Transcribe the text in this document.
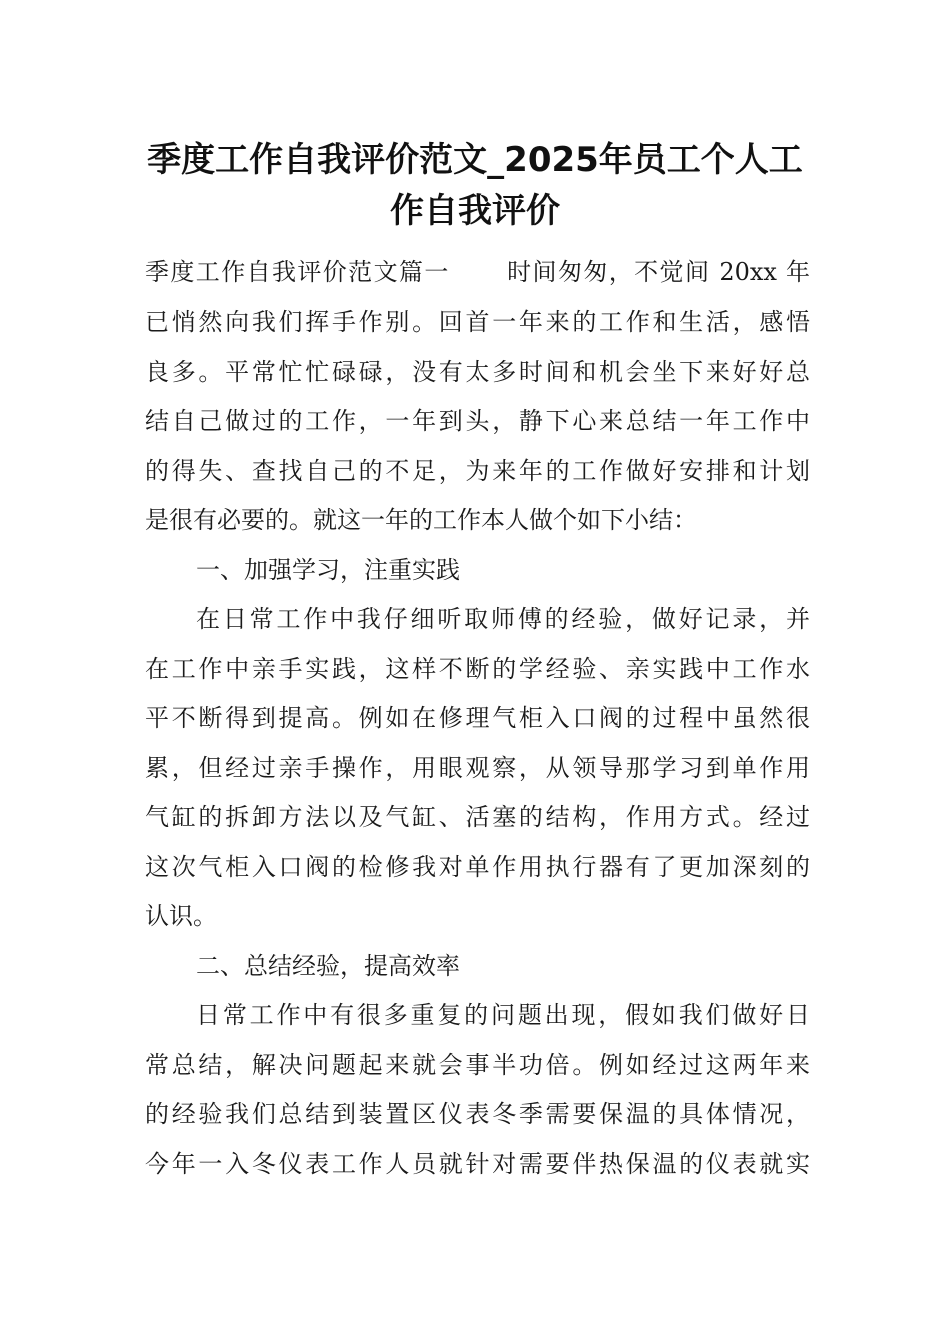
季度工作自我评价范文_2025年员工个人工
作自我评价
季度工作自我评价范文篇一 时间匆匆，不觉间 20xx 年
已悄然向我们挥手作别。回首一年来的工作和生活，感悟
良多。平常忙忙碌碌，没有太多时间和机会坐下来好好总
结自己做过的工作，一年到头，静下心来总结一年工作中
的得失、查找自己的不足，为来年的工作做好安排和计划
是很有必要的。就这一年的工作本人做个如下小结：
一、加强学习，注重实践
在日常工作中我仔细听取师傅的经验，做好记录，并
在工作中亲手实践，这样不断的学经验、亲实践中工作水
平不断得到提高。例如在修理气柜入口阀的过程中虽然很
累，但经过亲手操作，用眼观察，从领导那学习到单作用
气缸的拆卸方法以及气缸、活塞的结构，作用方式。经过
这次气柜入口阀的检修我对单作用执行器有了更加深刻的
认识。
二、总结经验，提高效率
日常工作中有很多重复的问题出现，假如我们做好日
常总结，解决问题起来就会事半功倍。例如经过这两年来
的经验我们总结到装置区仪表冬季需要保温的具体情况，
今年一入冬仪表工作人员就针对需要伴热保温的仪表就实
